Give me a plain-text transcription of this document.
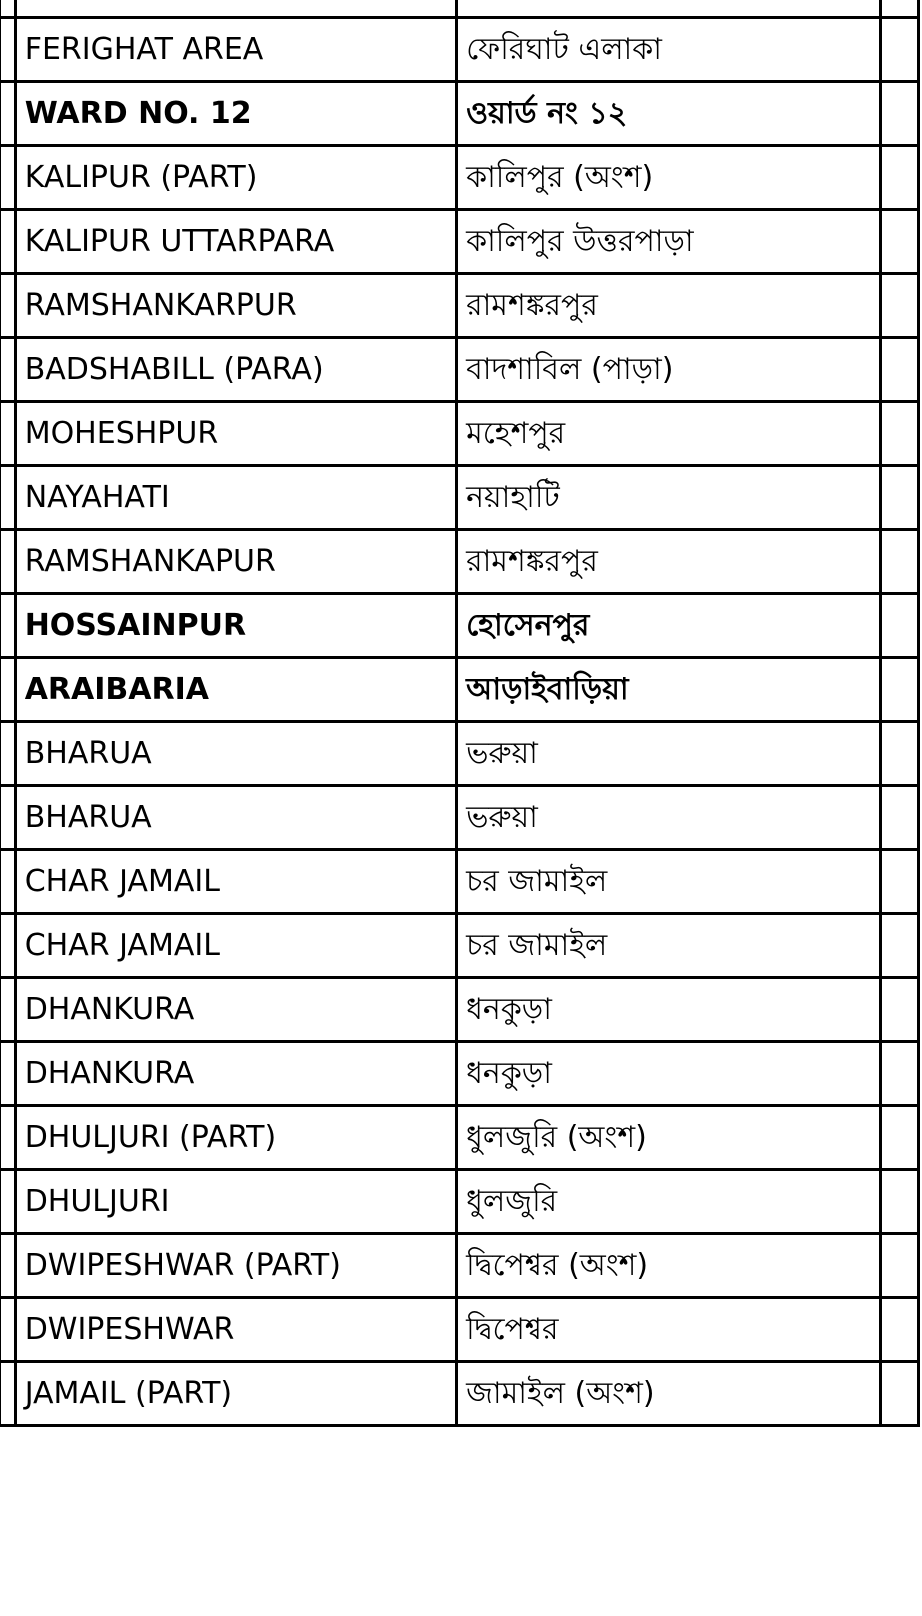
	FERIGHAT AREA	ফেরিঘাট এলাকা	
	WARD NO. 12	ওয়ার্ড নং ১২	
	KALIPUR (PART)	কালিপুর (অংশ)	
	KALIPUR UTTARPARA	কালিপুর উত্তরপাড়া	
	RAMSHANKARPUR	রামশঙ্করপুর	
	BADSHABILL (PARA)	বাদশাবিল (পাড়া)	
	MOHESHPUR	মহেশপুর	
	NAYAHATI	নয়াহাটি	
	RAMSHANKAPUR	রামশঙ্করপুর	
	HOSSAINPUR	হোসেনপুর	
	ARAIBARIA	আড়াইবাড়িয়া	
	BHARUA	ভরুয়া	
	BHARUA	ভরুয়া	
	CHAR JAMAIL	চর জামাইল	
	CHAR JAMAIL	চর জামাইল	
	DHANKURA	ধনকুড়া	
	DHANKURA	ধনকুড়া	
	DHULJURI (PART)	ধুলজুরি (অংশ)	
	DHULJURI	ধুলজুরি	
	DWIPESHWAR (PART)	দ্বিপেশ্বর (অংশ)	
	DWIPESHWAR	দ্বিপেশ্বর	
	JAMAIL (PART)	জামাইল (অংশ)	
